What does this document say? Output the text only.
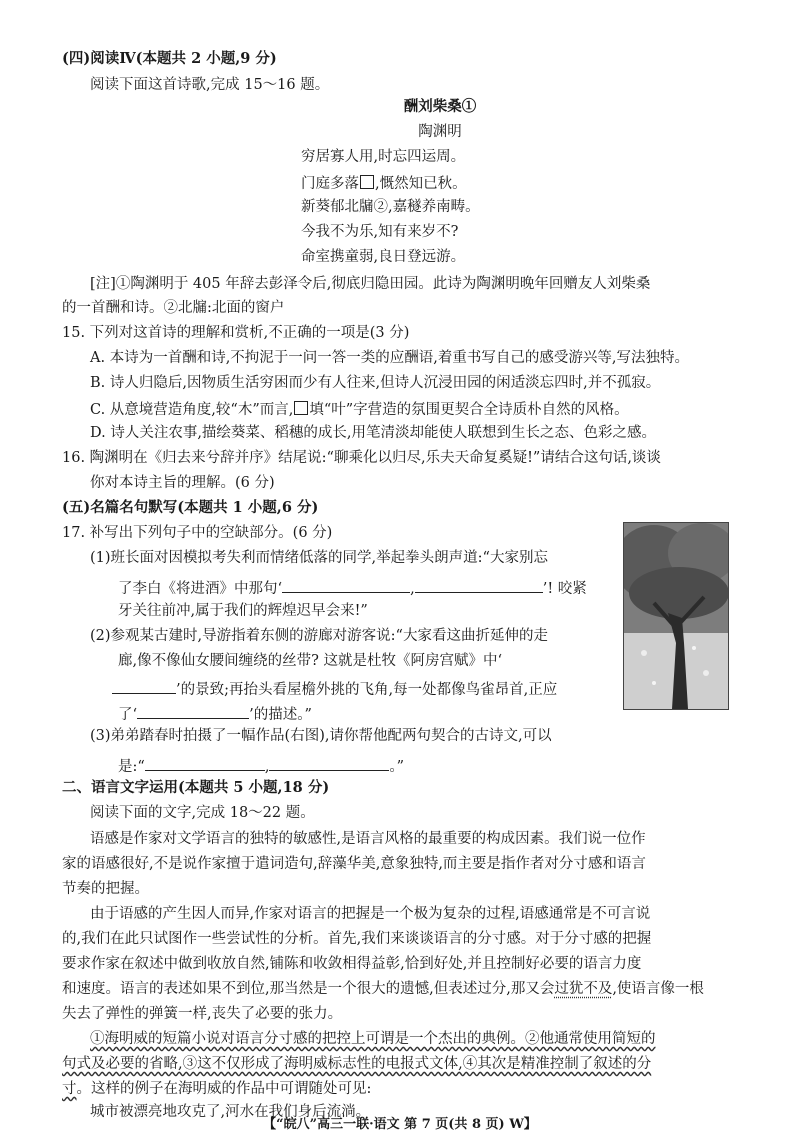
(四)阅读Ⅳ(本题共 2 小题,9 分)
阅读下面这首诗歌,完成 15～16 题。
酬刘柴桑①
陶渊明
穷居寡人用,时忘四运周。
门庭多落 ,慨然知已秋。
新葵郁北牖②,嘉穟养南畴。
今我不为乐,知有来岁不?
命室携童弱,良日登远游。
[注]①陶渊明于 405 年辞去彭泽令后,彻底归隐田园。此诗为陶渊明晚年回赠友人刘柴桑
的一首酬和诗。②北牖:北面的窗户
15. 下列对这首诗的理解和赏析,不正确的一项是(3 分)
A. 本诗为一首酬和诗,不拘泥于一问一答一类的应酬语,着重书写自己的感受游兴等,写法独特。
B. 诗人归隐后,因物质生活穷困而少有人往来,但诗人沉浸田园的闲适淡忘四时,并不孤寂。
C. 从意境营造角度,较“木”而言, 填“叶”字营造的氛围更契合全诗质朴自然的风格。
D. 诗人关注农事,描绘葵菜、稻穗的成长,用笔清淡却能使人联想到生长之态、色彩之感。
16. 陶渊明在《归去来兮辞并序》结尾说:“聊乘化以归尽,乐夫天命复奚疑!”请结合这句话,谈谈
你对本诗主旨的理解。(6 分)
(五)名篇名句默写(本题共 1 小题,6 分)
17. 补写出下列句子中的空缺部分。(6 分)
(1)班长面对因模拟考失利而情绪低落的同学,举起拳头朗声道:“大家别忘
了李白《将进酒》中那句‘	,	’! 咬紧
牙关往前冲,属于我们的辉煌迟早会来!”
(2)参观某古建时,导游指着东侧的游廊对游客说:“大家看这曲折延伸的走
廊,像不像仙女腰间缠绕的丝带? 这就是杜牧《阿房宫赋》中‘
’的景致;再抬头看屋檐外挑的飞角,每一处都像鸟雀昂首,正应
了‘	’的描述。”
(3)弟弟踏春时拍摄了一幅作品(右图),请你帮他配两句契合的古诗文,可以
是:“	,	。”
二、语言文字运用(本题共 5 小题,18 分)
阅读下面的文字,完成 18～22 题。
语感是作家对文学语言的独特的敏感性,是语言风格的最重要的构成因素。我们说一位作
家的语感很好,不是说作家擅于遣词造句,辞藻华美,意象独特,而主要是指作者对分寸感和语言
节奏的把握。
由于语感的产生因人而异,作家对语言的把握是一个极为复杂的过程,语感通常是不可言说
的,我们在此只试图作一些尝试性的分析。首先,我们来谈谈语言的分寸感。对于分寸感的把握
要求作家在叙述中做到收放自然,铺陈和收敛相得益彰,恰到好处,并且控制好必要的语言力度
和速度。语言的表述如果不到位,那当然是一个很大的遗憾,但表述过分,那又会过犹不及,使语言像一根
失去了弹性的弹簧一样,丧失了必要的张力。
①海明威的短篇小说对语言分寸感的把控上可谓是一个杰出的典例。②他通常使用简短的
句式及必要的省略,③这不仅形成了海明威标志性的电报式文体,④其次是精准控制了叙述的分
寸。这样的例子在海明威的作品中可谓随处可见:
城市被漂亮地攻克了,河水在我们身后流淌。
【“皖八”高三一联·语文 第 7 页(共 8 页) W】
